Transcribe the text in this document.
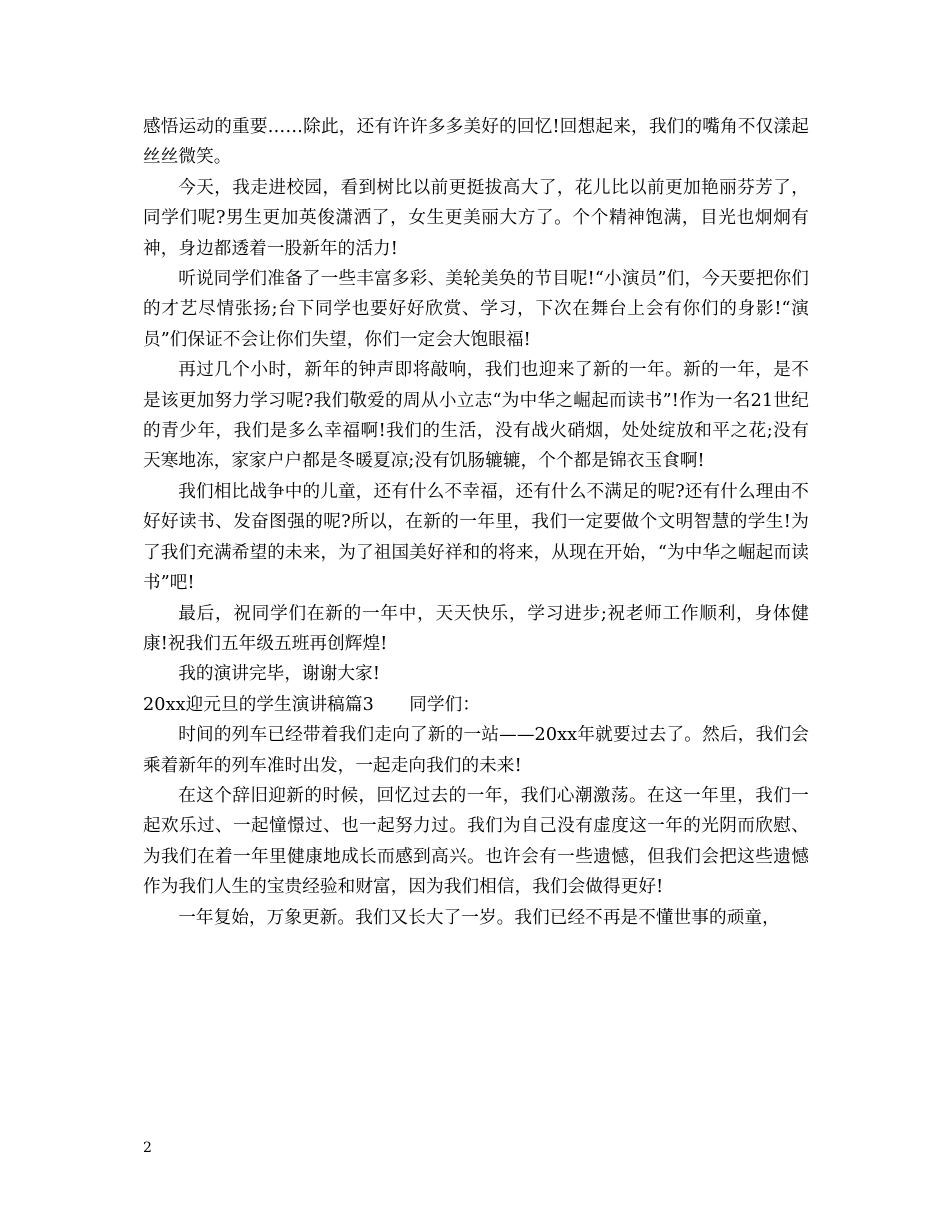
感悟运动的重要……除此，还有许许多多美好的回忆!回想起来，我们的嘴角不仅漾起丝丝微笑。

今天，我走进校园，看到树比以前更挺拔高大了，花儿比以前更加艳丽芬芳了，同学们呢?男生更加英俊潇洒了，女生更美丽大方了。个个精神饱满，目光也炯炯有神，身边都透着一股新年的活力!

听说同学们准备了一些丰富多彩、美轮美奂的节目呢!“小演员”们，今天要把你们的才艺尽情张扬;台下同学也要好好欣赏、学习，下次在舞台上会有你们的身影!“演员”们保证不会让你们失望，你们一定会大饱眼福!

再过几个小时，新年的钟声即将敲响，我们也迎来了新的一年。新的一年，是不是该更加努力学习呢?我们敬爱的周从小立志“为中华之崛起而读书”!作为一名21世纪的青少年，我们是多么幸福啊!我们的生活，没有战火硝烟，处处绽放和平之花;没有天寒地冻，家家户户都是冬暖夏凉;没有饥肠辘辘，个个都是锦衣玉食啊!

我们相比战争中的儿童，还有什么不幸福，还有什么不满足的呢?还有什么理由不好好读书、发奋图强的呢?所以，在新的一年里，我们一定要做个文明智慧的学生!为了我们充满希望的未来，为了祖国美好祥和的将来，从现在开始，“为中华之崛起而读书”吧!

最后，祝同学们在新的一年中，天天快乐，学习进步;祝老师工作顺利，身体健康!祝我们五年级五班再创辉煌!

我的演讲完毕，谢谢大家!

20xx迎元旦的学生演讲稿篇3　　同学们：

时间的列车已经带着我们走向了新的一站——20xx年就要过去了。然后，我们会乘着新年的列车准时出发，一起走向我们的未来!

在这个辞旧迎新的时候，回忆过去的一年，我们心潮激荡。在这一年里，我们一起欢乐过、一起憧憬过、也一起努力过。我们为自己没有虚度这一年的光阴而欣慰、为我们在着一年里健康地成长而感到高兴。也许会有一些遗憾，但我们会把这些遗憾作为我们人生的宝贵经验和财富，因为我们相信，我们会做得更好!

一年复始，万象更新。我们又长大了一岁。我们已经不再是不懂世事的顽童，

2
